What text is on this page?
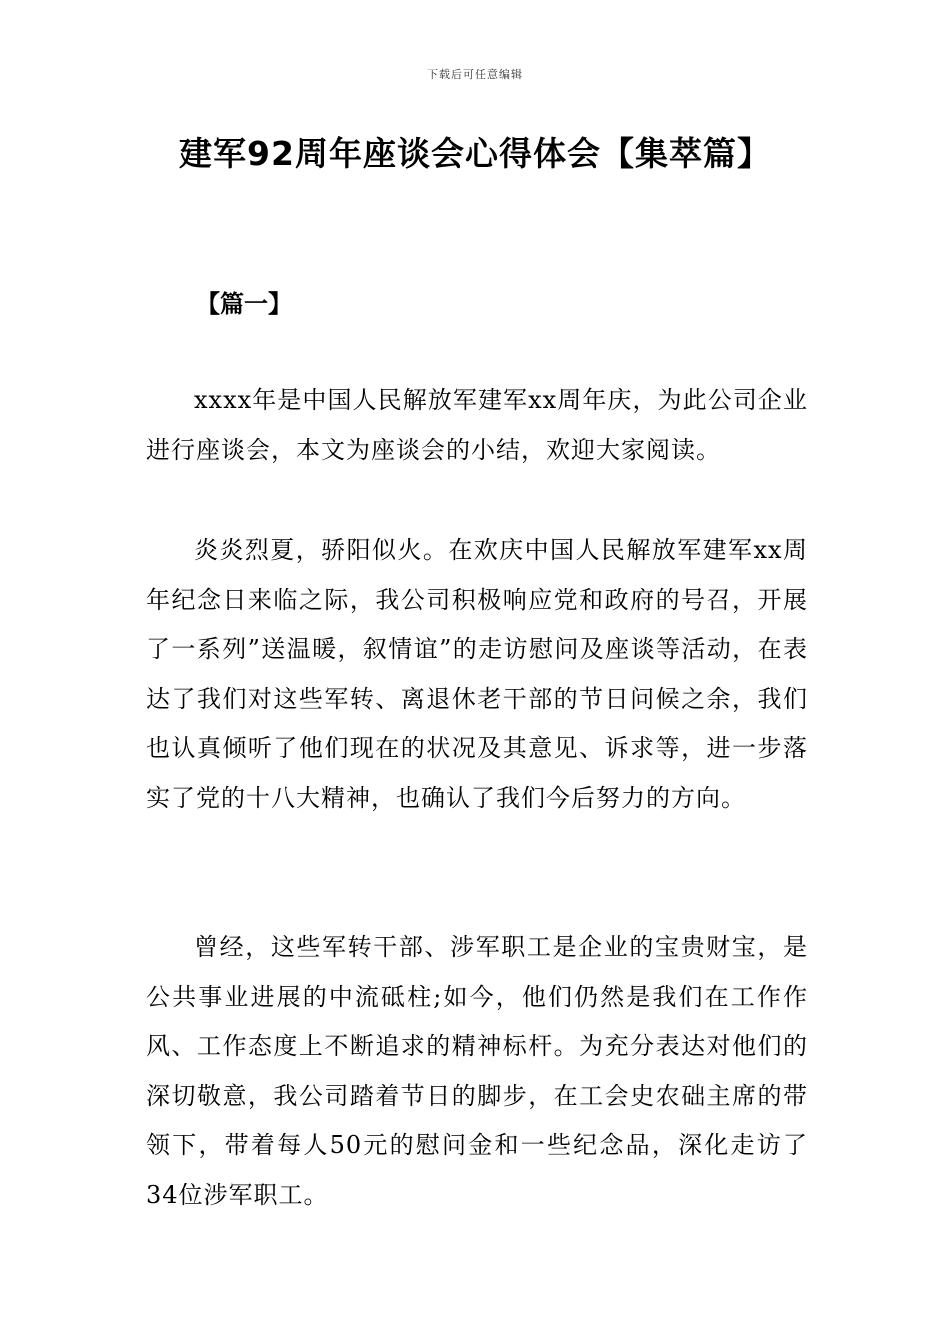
下载后可任意编辑
建军92周年座谈会心得体会【集萃篇】
【篇一】

xxxx年是中国人民解放军建军xx周年庆，为此公司企业进行座谈会，本文为座谈会的小结，欢迎大家阅读。

炎炎烈夏，骄阳似火。在欢庆中国人民解放军建军xx周年纪念日来临之际，我公司积极响应党和政府的号召，开展了一系列”送温暖，叙情谊”的走访慰问及座谈等活动，在表达了我们对这些军转、离退休老干部的节日问候之余，我们也认真倾听了他们现在的状况及其意见、诉求等，进一步落实了党的十八大精神，也确认了我们今后努力的方向。

曾经，这些军转干部、涉军职工是企业的宝贵财宝，是公共事业进展的中流砥柱;如今，他们仍然是我们在工作作风、工作态度上不断追求的精神标杆。为充分表达对他们的深切敬意，我公司踏着节日的脚步，在工会史农础主席的带领下，带着每人50元的慰问金和一些纪念品，深化走访了34位涉军职工。
